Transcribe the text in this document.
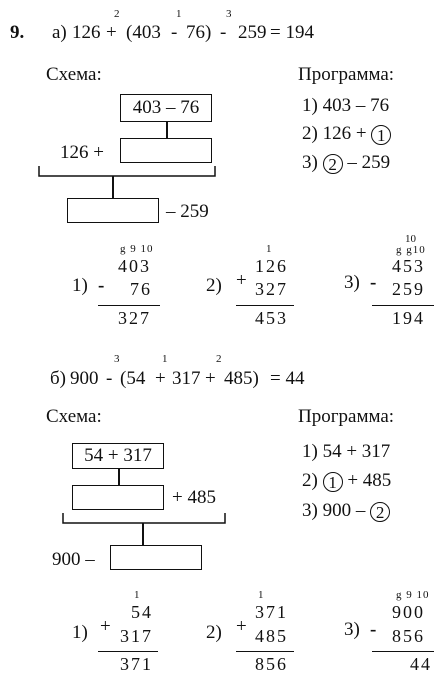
9. а) 126
2
+ (403
1
- 76)
3
- 259 = 194
Схема:	Программа:
403 – 76
126 +
– 259
1) 403 – 76
2) 126 + 1
3) 2 – 259
1) -
g 9 10
403
76
327
2) +
1
126
327
453
3) -
10
g g10
453
259
194
б) 900
3
- (54
1
+ 317
2
+ 485) = 44
Схема:	Программа:
54 + 317
+ 485
900 –
1) 54 + 317
2) 1 + 485
3) 900 – 2
1) +
1
54
317
371
2) +
1
371
485
856
3) -
g 9 10
900
856
44
